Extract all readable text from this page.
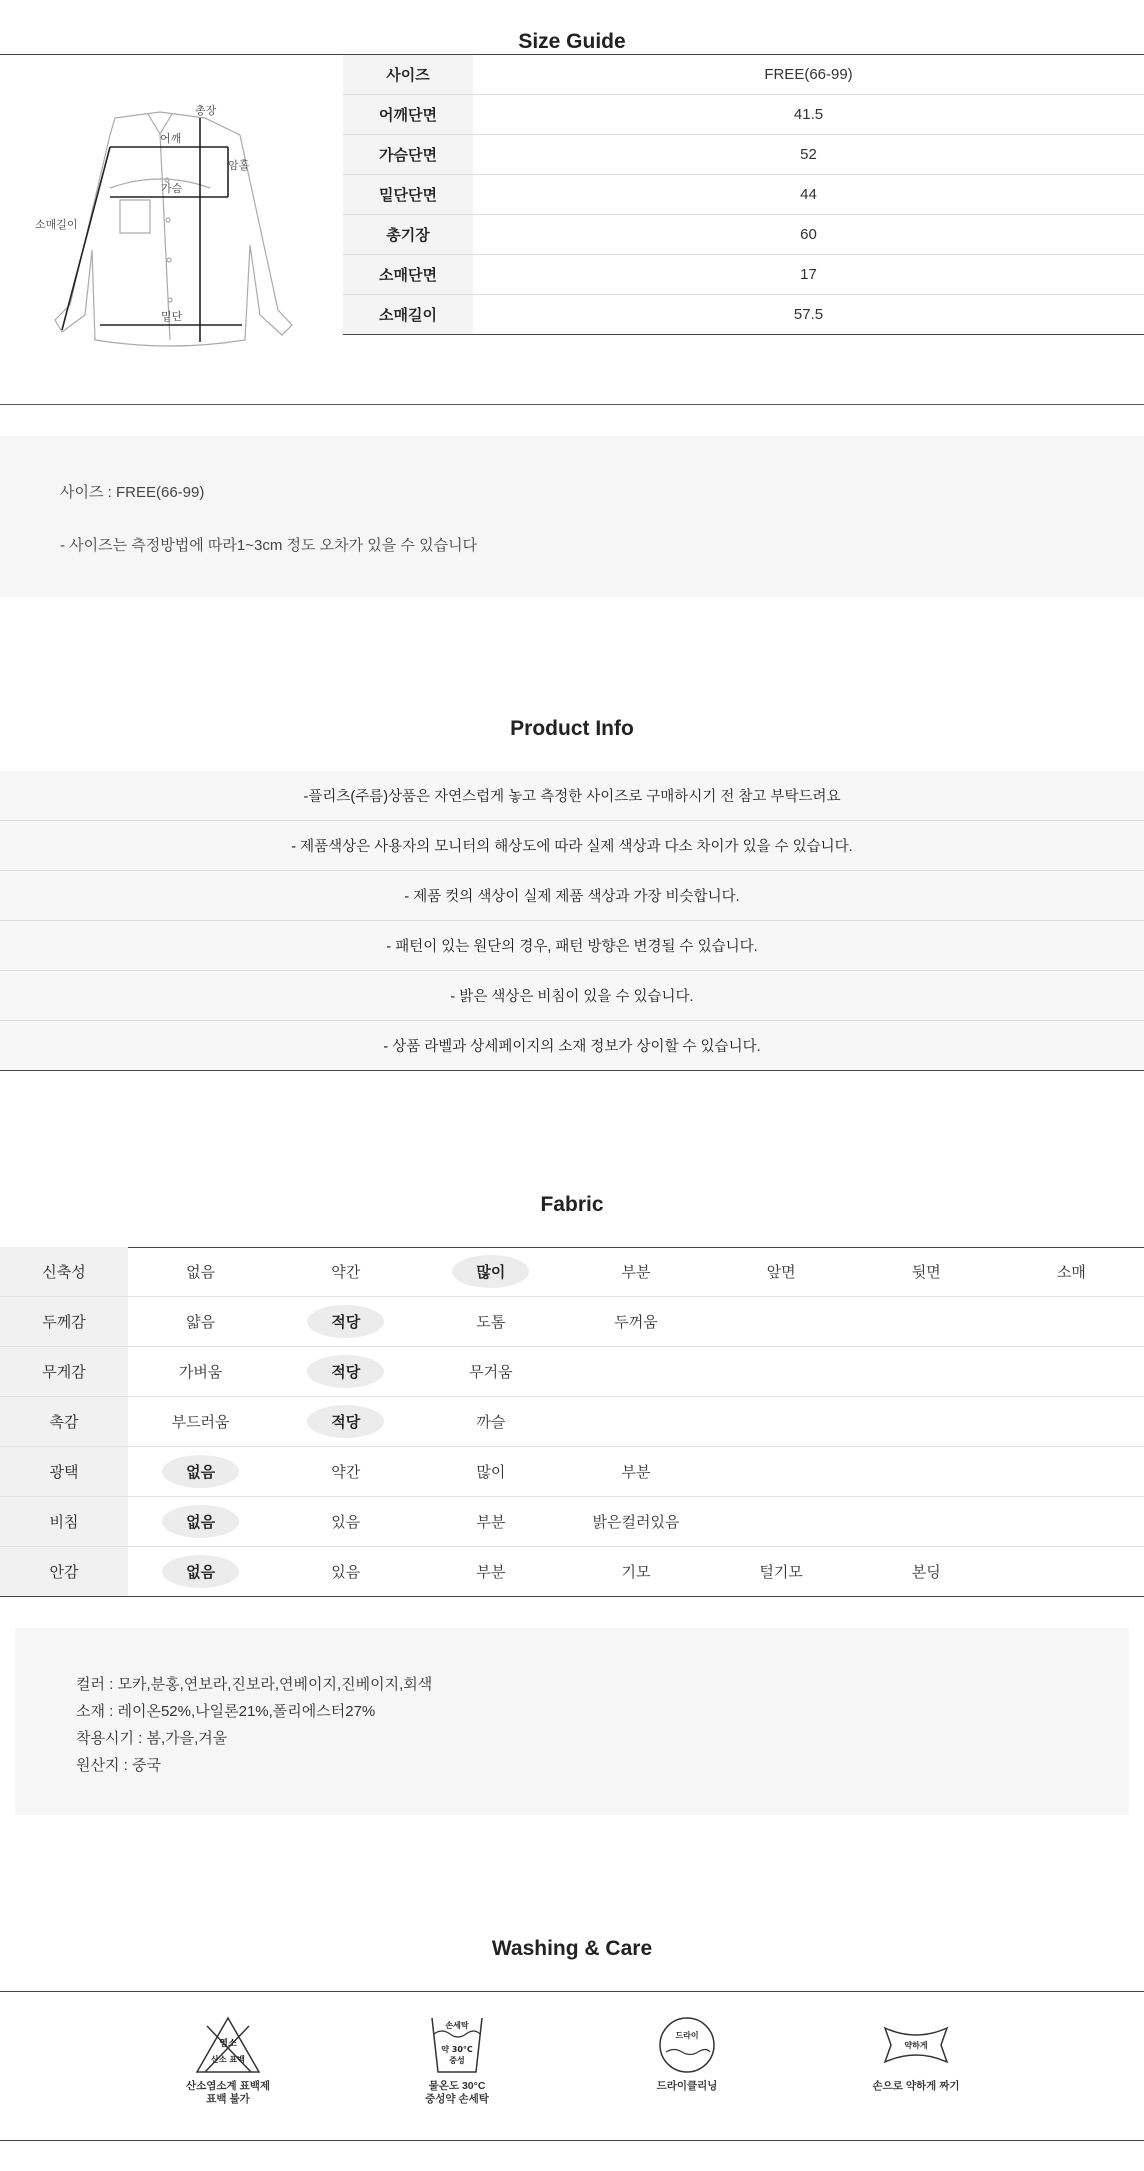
Size Guide
총장
어깨
암홀
가슴
소매길이
밑단
사이즈	FREE(66-99)
어깨단면	41.5
가슴단면	52
밑단단면	44
총기장	60
소매단면	17
소매길이	57.5
사이즈 : FREE(66-99)
- 사이즈는 측정방법에 따라1~3cm 정도 오차가 있을 수 있습니다
Product Info
-플리츠(주름)상품은 자연스럽게 놓고 측정한 사이즈로 구매하시기 전 참고 부탁드려요
- 제품색상은 사용자의 모니터의 해상도에 따라 실제 색상과 다소 차이가 있을 수 있습니다.
- 제품 컷의 색상이 실제 제품 색상과 가장 비슷합니다.
- 패턴이 있는 원단의 경우, 패턴 방향은 변경될 수 있습니다.
- 밝은 색상은 비침이 있을 수 있습니다.
- 상품 라벨과 상세페이지의 소재 정보가 상이할 수 있습니다.
Fabric
신축성	없음	약간	많이	부분	앞면	뒷면	소매
두께감	얇음	적당	도톰	두꺼움			
무게감	가벼움	적당	무거움				
촉감	부드러움	적당	까슬				
광택	없음	약간	많이	부분			
비침	없음	있음	부분	밝은컬러있음			
안감	없음	있음	부분	기모	털기모	본딩	
컬러 : 모카,분홍,연보라,진보라,연베이지,진베이지,회색
소재 : 레이온52%,나일론21%,폴리에스터27%
착용시기 : 봄,가을,겨울
원산지 : 중국
Washing & Care
염소
산소 표백
산소염소계 표백제
표백 불가
손세탁
약 30°C
중성
물온도 30°C
중성약 손세탁
드라이
드라이클리닝
약하게
손으로 약하게 짜기
